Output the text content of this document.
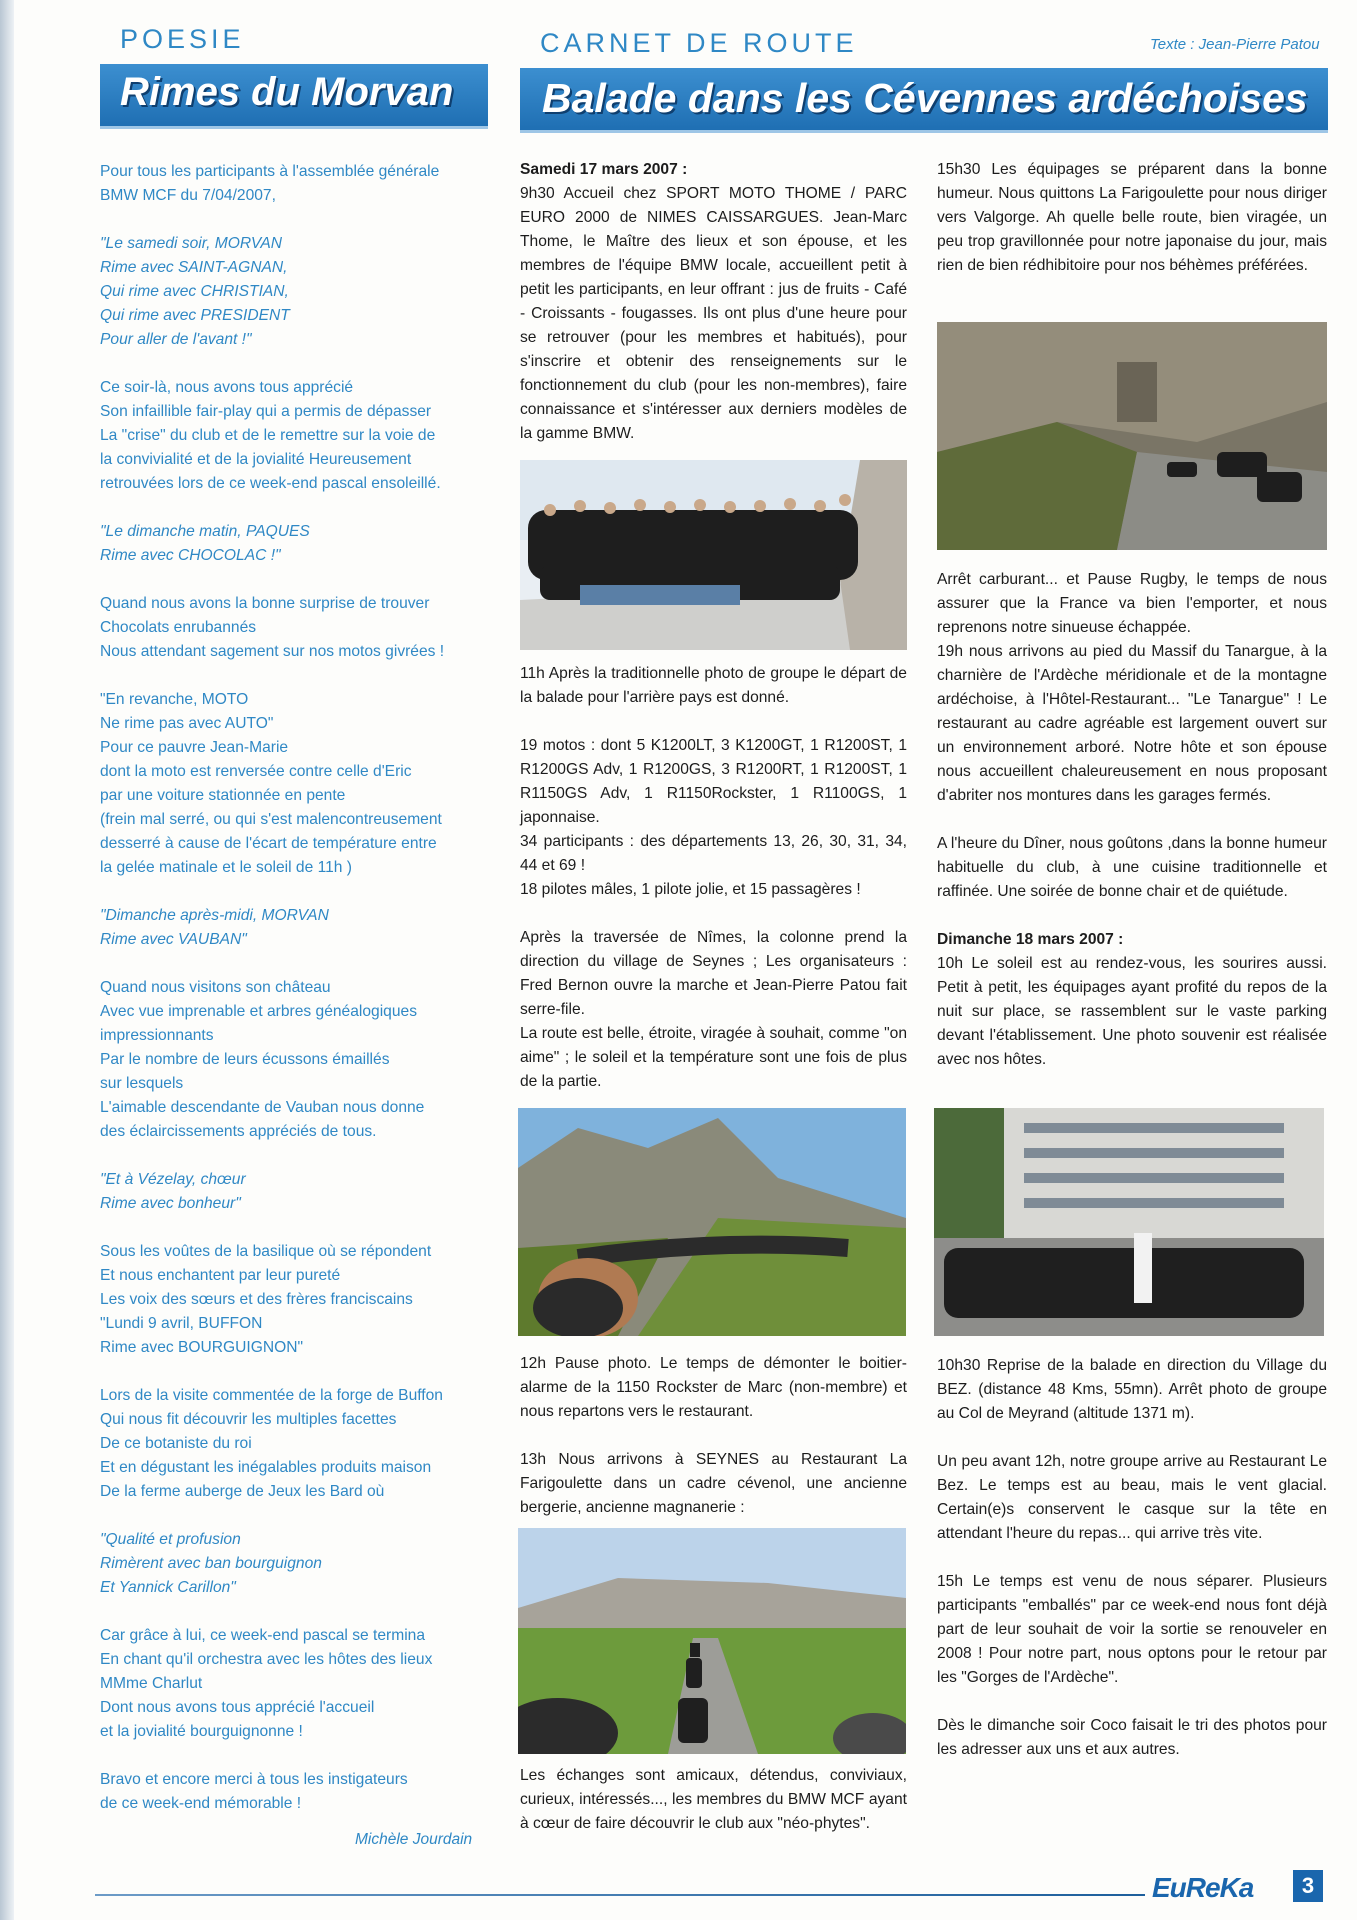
POESIE
Rimes du Morvan

Pour tous les participants à l'assemblée générale
BMW MCF du 7/04/2007,

"Le samedi soir, MORVAN
Rime avec SAINT-AGNAN,
Qui rime avec CHRISTIAN,
Qui rime avec PRESIDENT
Pour aller de l'avant !"

Ce soir-là, nous avons tous apprécié
Son infaillible fair-play qui a permis de dépasser
La "crise" du club et de le remettre sur la voie de
la convivialité et de la jovialité Heureusement
retrouvées lors de ce week-end pascal ensoleillé.

"Le dimanche matin, PAQUES
Rime avec CHOCOLAC !"

Quand nous avons la bonne surprise de trouver
Chocolats enrubannés
Nous attendant sagement sur nos motos givrées !

"En revanche, MOTO
Ne rime pas avec AUTO"
Pour ce pauvre Jean-Marie
dont la moto est renversée contre celle d'Eric
par une voiture stationnée en pente
(frein mal serré, ou qui s'est malencontreusement
desserré à cause de l'écart de température entre
la gelée matinale et le soleil de 11h )

"Dimanche après-midi, MORVAN
Rime avec VAUBAN"

Quand nous visitons son château
Avec vue imprenable et arbres généalogiques
impressionnants
Par le nombre de leurs écussons émaillés
sur lesquels
L'aimable descendante de Vauban nous donne
des éclaircissements appréciés de tous.

"Et à Vézelay, chœur
Rime avec bonheur"

Sous les voûtes de la basilique où se répondent
Et nous enchantent par leur pureté
Les voix des sœurs et des frères franciscains
"Lundi 9 avril, BUFFON
Rime avec BOURGUIGNON"

Lors de la visite commentée de la forge de Buffon
Qui nous fit découvrir les multiples facettes
De ce botaniste du roi
Et en dégustant les inégalables produits maison
De la ferme auberge de Jeux les Bard où

"Qualité et profusion
Rimèrent avec ban bourguignon
Et Yannick Carillon"

Car grâce à lui, ce week-end pascal se termina
En chant qu'il orchestra avec les hôtes des lieux
MMme Charlut
Dont nous avons tous apprécié l'accueil
et la jovialité bourguignonne !

Bravo et encore merci à tous les instigateurs
de ce week-end mémorable !

Michèle Jourdain
CARNET DE ROUTE	Texte : Jean-Pierre Patou
Balade dans les Cévennes ardéchoises

Samedi 17 mars 2007 :

9h30 Accueil chez SPORT MOTO THOME / PARC EURO 2000 de NIMES CAISSARGUES. Jean-Marc Thome, le Maître des lieux et son épouse, et les membres de l'équipe BMW locale, accueillent petit à petit les participants, en leur offrant : jus de fruits - Café - Croissants - fougasses. Ils ont plus d'une heure pour se retrouver (pour les membres et habitués), pour s'inscrire et obtenir des renseignements sur le fonctionnement du club (pour les non-membres), faire connaissance et s'intéresser aux derniers modèles de la gamme BMW.

11h Après la traditionnelle photo de groupe le départ de la balade pour l'arrière pays est donné.

19 motos : dont 5 K1200LT, 3 K1200GT, 1 R1200ST, 1 R1200GS Adv, 1 R1200GS, 3 R1200RT, 1 R1200ST, 1 R1150GS Adv, 1 R1150Rockster, 1 R1100GS, 1 japonnaise.

34 participants : des départements 13, 26, 30, 31, 34, 44 et 69 !

18 pilotes mâles, 1 pilote jolie, et 15 passagères !

Après la traversée de Nîmes, la colonne prend la direction du village de Seynes ; Les organisateurs : Fred Bernon ouvre la marche et Jean-Pierre Patou fait serre-file.

La route est belle, étroite, viragée à souhait, comme "on aime" ; le soleil et la température sont une fois de plus de la partie.

12h Pause photo. Le temps de démonter le boitier-alarme de la 1150 Rockster de Marc (non-membre) et nous repartons vers le restaurant.

13h Nous arrivons à SEYNES au Restaurant La Farigoulette dans un cadre cévenol, une ancienne bergerie, ancienne magnanerie :

Les échanges sont amicaux, détendus, conviviaux, curieux, intéressés..., les membres du BMW MCF ayant à cœur de faire découvrir le club aux "néo-phytes".

15h30 Les équipages se préparent dans la bonne humeur. Nous quittons La Farigoulette pour nous diriger vers Valgorge. Ah quelle belle route, bien viragée, un peu trop gravillonnée pour notre japonaise du jour, mais rien de bien rédhibitoire pour nos béhèmes préférées.

Arrêt carburant... et Pause Rugby, le temps de nous assurer que la France va bien l'emporter, et nous reprenons notre sinueuse échappée.

19h nous arrivons au pied du Massif du Tanargue, à la charnière de l'Ardèche méridionale et de la montagne ardéchoise, à l'Hôtel-Restaurant... "Le Tanargue" ! Le restaurant au cadre agréable est largement ouvert sur un environnement arboré. Notre hôte et son épouse nous accueillent chaleureusement en nous proposant d'abriter nos montures dans les garages fermés.

A l'heure du Dîner, nous goûtons ,dans la bonne humeur habituelle du club, à une cuisine traditionnelle et raffinée. Une soirée de bonne chair et de quiétude.

Dimanche 18 mars 2007 :

10h Le soleil est au rendez-vous, les sourires aussi. Petit à petit, les équipages ayant profité du repos de la nuit sur place, se rassemblent sur le vaste parking devant l'établissement. Une photo souvenir est réalisée avec nos hôtes.

10h30 Reprise de la balade en direction du Village du BEZ. (distance 48 Kms, 55mn). Arrêt photo de groupe au Col de Meyrand (altitude 1371 m).

Un peu avant 12h, notre groupe arrive au Restaurant Le Bez. Le temps est au beau, mais le vent glacial. Certain(e)s conservent le casque sur la tête en attendant l'heure du repas... qui arrive très vite.

15h Le temps est venu de nous séparer. Plusieurs participants "emballés" par ce week-end nous font déjà part de leur souhait de voir la sortie se renouveler en 2008 ! Pour notre part, nous optons pour le retour par les "Gorges de l'Ardèche".

Dès le dimanche soir Coco faisait le tri des photos pour les adresser aux uns et aux autres.

EuReKa	3
